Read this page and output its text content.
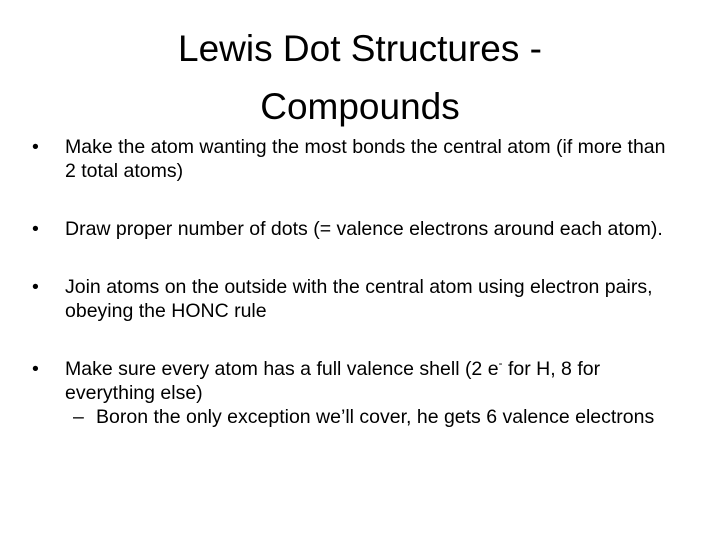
Lewis Dot Structures -
Compounds
•	Make the atom wanting the most bonds the central atom (if more than 2 total atoms)
•	Draw proper number of dots (= valence electrons around each atom).
•	Join atoms on the outside with the central atom using electron pairs, obeying the HONC rule
•	Make sure every atom has a full valence shell (2 e- for H, 8 for everything else)
– Boron the only exception we’ll cover, he gets 6 valence electrons
